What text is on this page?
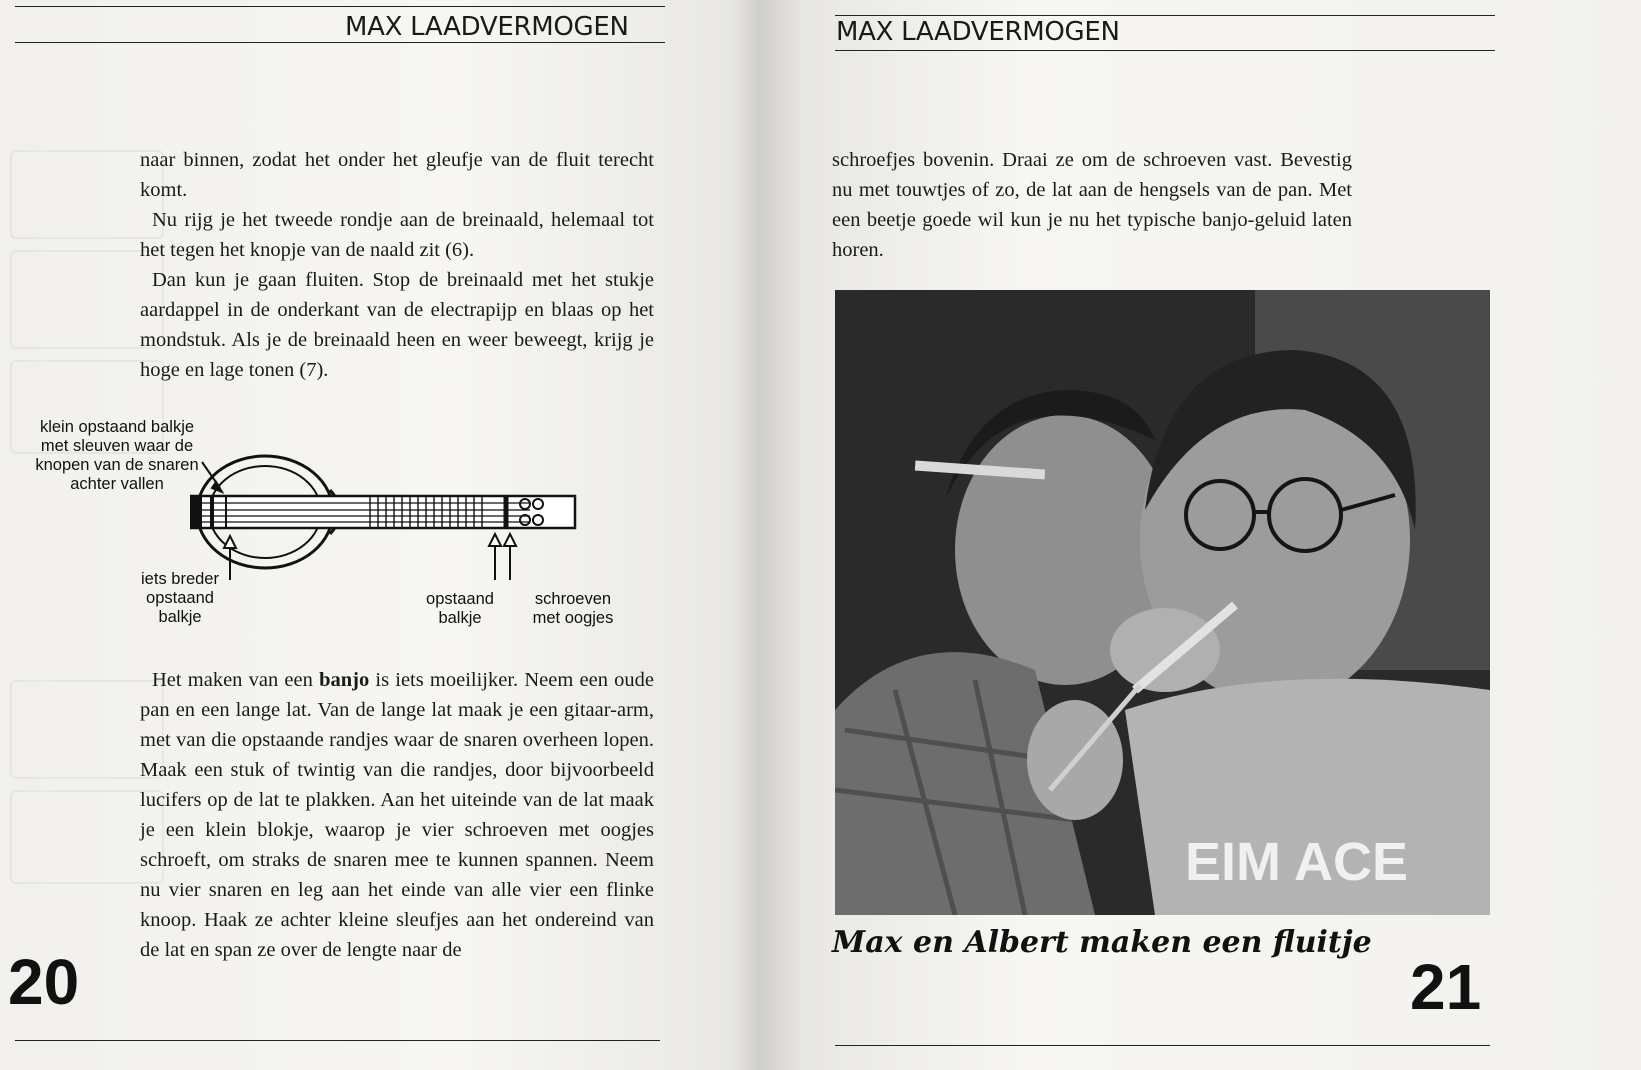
MAX LAADVERMOGEN

naar binnen, zodat het onder het gleufje van de fluit terecht komt.

Nu rijg je het tweede rondje aan de breinaald, helemaal tot het tegen het knopje van de naald zit (6).

Dan kun je gaan fluiten. Stop de breinaald met het stukje aardappel in de onderkant van de electrapijp en blaas op het mondstuk. Als je de breinaald heen en weer beweegt, krijg je hoge en lage tonen (7).

klein opstaand balkje
met sleuven waar de
knopen van de snaren
achter vallen
iets breder
opstaand
balkje
opstaand
balkje
schroeven
met oogjes

Het maken van een banjo is iets moeilijker. Neem een oude pan en een lange lat. Van de lange lat maak je een gitaar-arm, met van die opstaande randjes waar de snaren overheen lopen. Maak een stuk of twintig van die randjes, door bijvoorbeeld lucifers op de lat te plakken. Aan het uiteinde van de lat maak je een klein blokje, waarop je vier schroeven met oogjes schroeft, om straks de snaren mee te kunnen spannen. Neem nu vier snaren en leg aan het einde van alle vier een flinke knoop. Haak ze achter kleine sleufjes aan het ondereind van de lat en span ze over de lengte naar de

20
MAX LAADVERMOGEN

schroefjes bovenin. Draai ze om de schroeven vast. Bevestig nu met touwtjes of zo, de lat aan de hengsels van de pan. Met een beetje goede wil kun je nu het typische banjo-geluid laten horen.

EIM ACE
Max en Albert maken een fluitje
21
